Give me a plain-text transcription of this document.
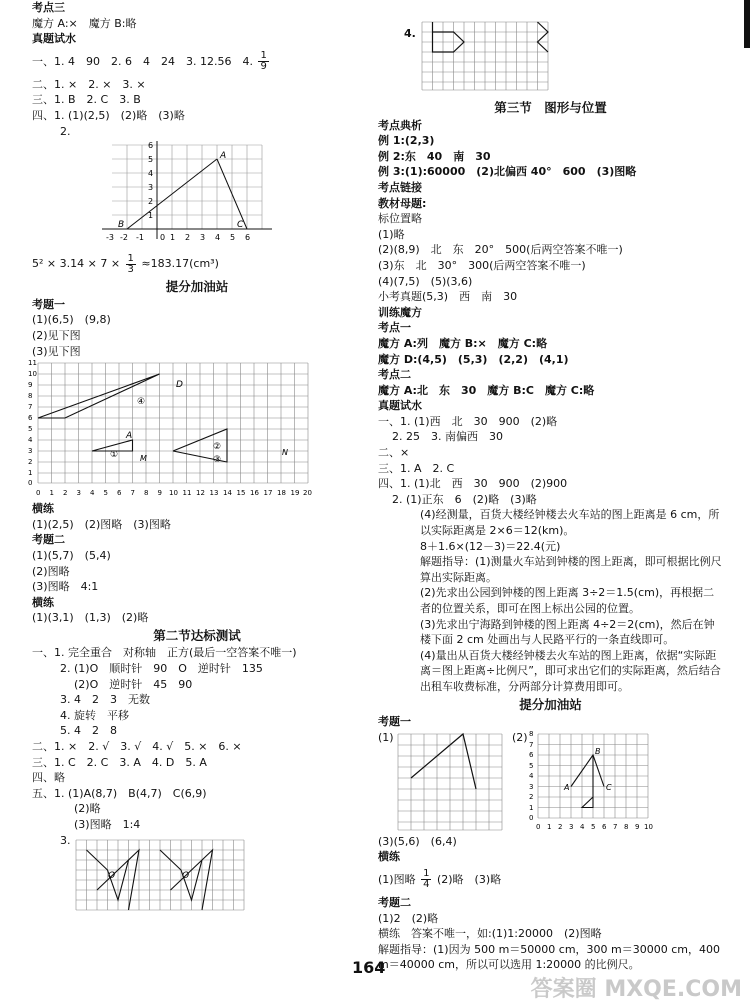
考点三

魔方 A:×　魔方 B:略

真题试水

一、1. 4　90　2. 6　4　24　3. 12.56　4. $\frac{1}{9}$

二、1. ×　2. ×　3. ×

三、1. B　2. C　3. B

四、1. (1)(2,5)　(2)略　(3)略

2.

6
5
4
3
2
1
-3 -2 -1 0 1 2 3 4 5 6
A
B	C

$5^2 \times 3.14 \times 7 \times \frac{1}{3} \approx 183.17(cm^3)$

提分加油站

考题一

(1)(6,5)　(9,8)

(2)见下图

(3)见下图

D
A
①
②
③
④
M
N
0
1
2
3
4
5
6
7
8
9
10
11
0 1 2 3 4 5 6 7 8 9 10 11 12 13 14 15 16 17 18 19 20

横练

(1)(2,5)　(2)图略　(3)图略

考题二

(1)(5,7)　(5,4)

(2)图略

(3)图略　4:1

横练

(1)(3,1)　(1,3)　(2)略

第二节达标测试

一、1. 完全重合　对称轴　正方(最后一空答案不唯一)

2. (1)O　顺时针　90　O　逆时针　135

(2)O　逆时针　45　90

3. 4　2　3　无数

4. 旋转　平移

5. 4　2　8

二、1. ×　2. √　3. √　4. √　5. ×　6. ×

三、1. C　2. C　3. A　4. D　5. A

四、略

五、1. (1)A(8,7)　B(4,7)　C(6,9)

(2)略

(3)图略　1:4

3.

O	O

4.

第三节　图形与位置

考点典析

例 1:(2,3)

例 2:东　40　南　30

例 3:(1):60000　(2)北偏西 40°　600　(3)图略

考点链接

教材母题:

标位置略

(1)略

(2)(8,9)　北　东　20°　500(后两空答案不唯一)

(3)东　北　30°　300(后两空答案不唯一)

(4)(7,5)　(5)(3,6)

小考真题(5,3)　西　南　30

训练魔方

考点一

魔方 A:列　魔方 B:×　魔方 C:略

魔方 D:(4,5)　(5,3)　(2,2)　(4,1)

考点二

魔方 A:北　东　30　魔方 B:C　魔方 C:略

真题试水

一、1. (1)西　北　30　900　(2)略

2. 25　3. 南偏西　30

二、×

三、1. A　2. C

四、1. (1)北　西　30　900　(2)900

2. (1)正东　6　(2)略　(3)略

(4)经测量，百货大楼经钟楼去火车站的图上距离是 6 cm，所以实际距离是 2×6＝12(km)。

8＋1.6×(12－3)＝22.4(元)

解题指导：(1)测量火车站到钟楼的图上距离，即可根据比例尺算出实际距离。

(2)先求出公园到钟楼的图上距离 3÷2＝1.5(cm)，再根据二者的位置关系，即可在图上标出公园的位置。

(3)先求出宁海路到钟楼的图上距离 4÷2＝2(cm)，然后在钟楼下面 2 cm 处画出与人民路平行的一条直线即可。

(4)量出从百货大楼经钟楼去火车站的图上距离，依据“实际距离＝图上距离÷比例尺”，即可求出它们的实际距离，然后结合出租车收费标准，分两部分计算费用即可。

提分加油站

考题一

(1)	(2)
A
B
C
0
1
2
3
4
5
6
7
8
0 1 2 3 4 5 6 7 8 9 10

(3)(5,6)　(6,4)

横练

(1)图略 $\frac{1}{4} (2)$略　(3)略

考题二

(1)2　(2)略

横练　答案不唯一，如:(1)1:20000　(2)图略

解题指导：(1)因为 500 m＝50000 cm，300 m＝30000 cm，400 m＝40000 cm，所以可以选用 1:20000 的比例尺。

164
答案圈 MXQE.COM
